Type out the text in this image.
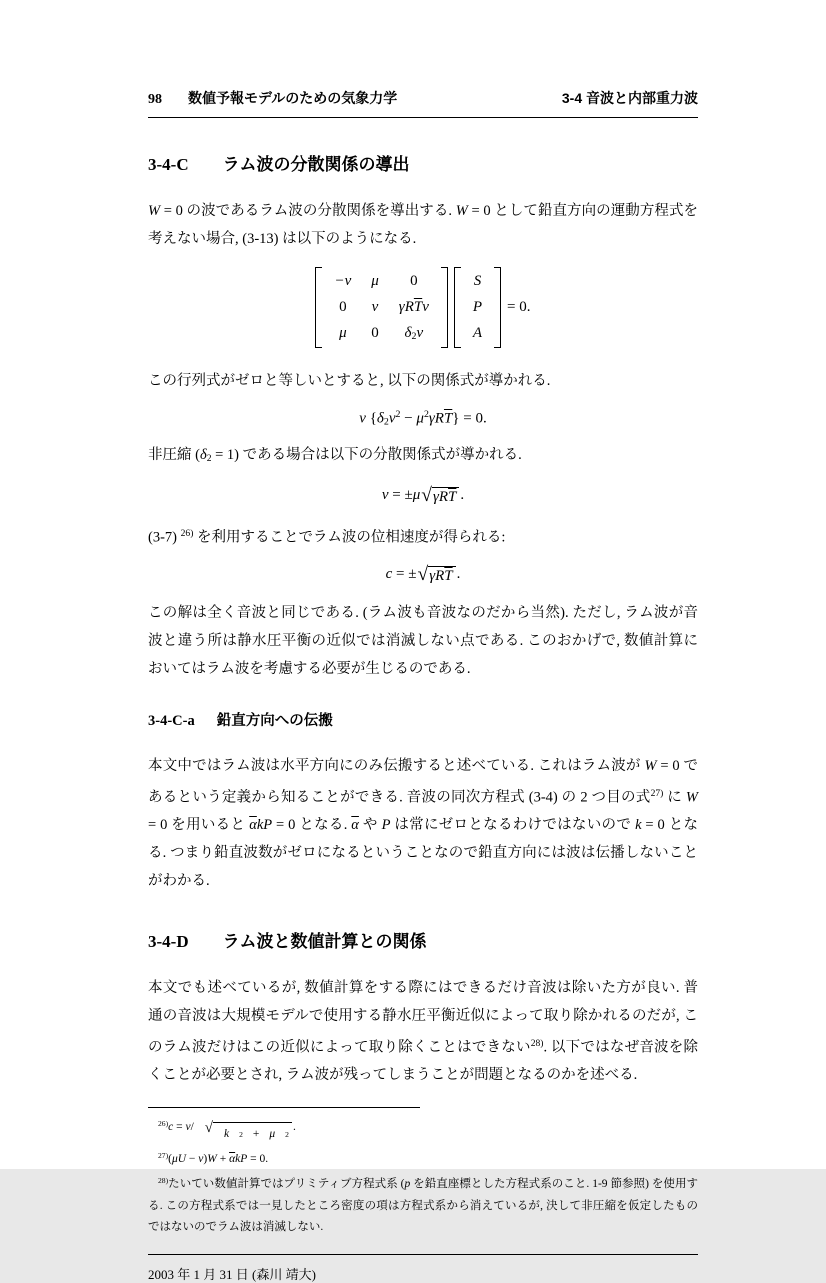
98 数値予報モデルのための気象力学	3-4 音波と内部重力波
3-4-C ラム波の分散関係の導出
W = 0 の波であるラム波の分散関係を導出する. W = 0 として鉛直方向の運動方程式を考えない場合, (3-13) は以下のようになる.
−ν μ 0
0 ν $\gamma R\overline{T}\nu$
μ 0 δ2ν
S
P
A
= 0.
この行列式がゼロと等しいとすると, 以下の関係式が導かれる.
ν $\{\delta 2\nu^2 - \mu^2\gamma R\overline{T}\} = 0$.
非圧縮 (δ2 = 1) である場合は以下の分散関係式が導かれる.
ν = ±μ √ γR $\overline{T}$ .
(3-7) $^{26)}$ を利用することでラム波の位相速度が得られる:
c = ± √ γR $\overline{T}$ .
この解は全く音波と同じである. (ラム波も音波なのだから当然). ただし, ラム波が音波と違う所は静水圧平衡の近似では消滅しない点である. このおかげで, 数値計算においてはラム波を考慮する必要が生じるのである.
3-4-C-a 鉛直方向への伝搬
本文中ではラム波は水平方向にのみ伝搬すると述べている. これはラム波が W = 0 であるという定義から知ることができる. 音波の同次方程式 (3-4) の 2 つ目の式$^{27)}$ に W = 0 を用いると $\overline{\alpha}kP = 0$ となる. $\overline{\alpha}$ や P は常にゼロとなるわけではないので k = 0 となる. つまり鉛直波数がゼロになるということなので鉛直方向には波は伝播しないことがわかる.
3-4-D ラム波と数値計算との関係
本文でも述べているが, 数値計算をする際にはできるだけ音波は除いた方が良い. 普通の音波は大規模モデルで使用する静水圧平衡近似によって取り除かれるのだが, このラム波だけはこの近似によって取り除くことはできない$^{28)}$. 以下ではなぜ音波を除くことが必要とされ, ラム波が残ってしまうことが問題となるのかを述べる.
$^{26)}$c = ν/ √ k	2 + μ	2
.
$^{27)}(\mu U - \nu)W + \overline{\alpha}kP = 0$.
$^{28)}$たいてい数値計算ではプリミティブ方程式系 (p を鉛直座標とした方程式系のこと. 1-9 節参照) を使用する. この方程式系では一見したところ密度の項は方程式系から消えているが, 決して非圧縮を仮定したものではないのでラム波は消滅しない.
2003 年 1 月 31 日 (森川 靖大)
